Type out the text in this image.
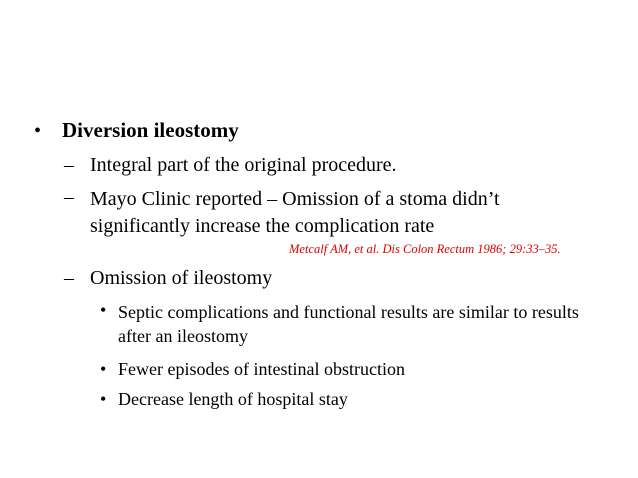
• Diversion ileostomy
– Integral part of the original procedure.
– Mayo Clinic reported – Omission of a stoma didn’t significantly increase the complication rate
Metcalf AM, et al. Dis Colon Rectum 1986; 29:33–35.
– Omission of ileostomy
• Septic complications and functional results are similar to results after an ileostomy
• Fewer episodes of intestinal obstruction
• Decrease length of hospital stay
